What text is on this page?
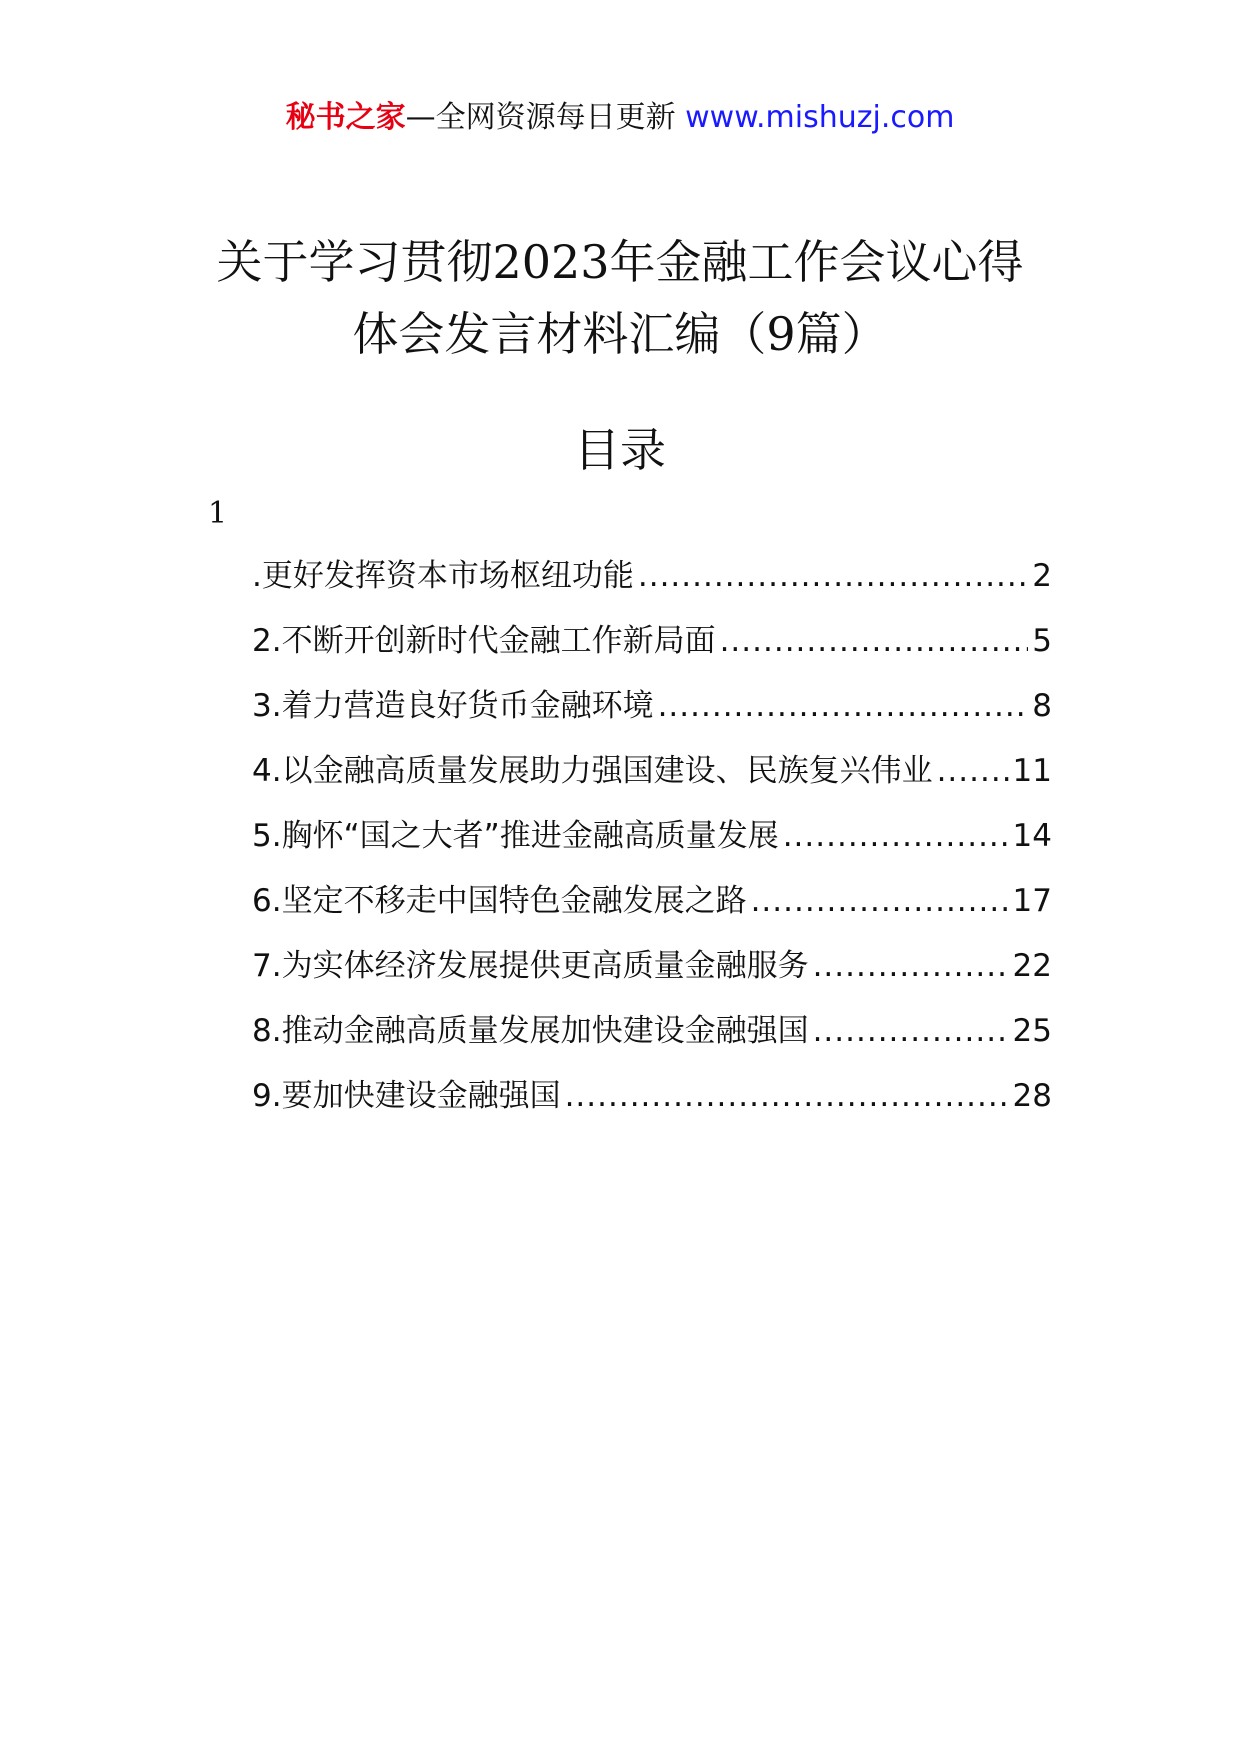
秘书之家—全网资源每日更新 www.mishuzj.com
关于学习贯彻2023年金融工作会议心得
体会发言材料汇编（9篇）
目录
1
.更好发挥资本市场枢纽功能 .....	2
2.不断开创新时代金融工作新局面 .....	5
3.着力营造良好货币金融环境 .....	8
4.以金融高质量发展助力强国建设、民族复兴伟业 .....	11
5.胸怀“国之大者”推进金融高质量发展 .....	14
6.坚定不移走中国特色金融发展之路 .....	17
7.为实体经济发展提供更高质量金融服务 .....	22
8.推动金融高质量发展加快建设金融强国 .....	25
9.要加快建设金融强国 .....	28
